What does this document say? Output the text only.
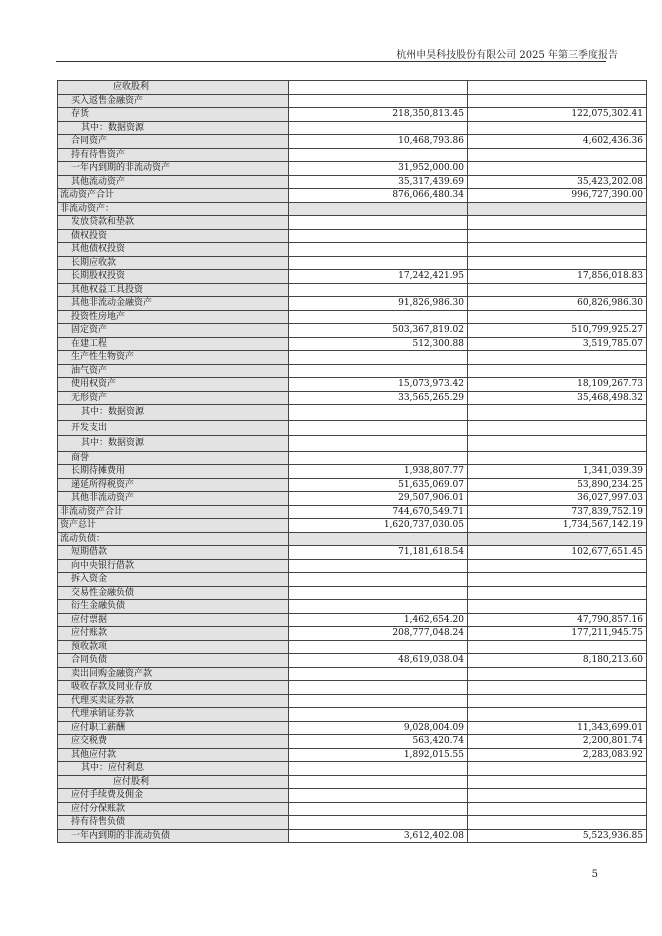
杭州申昊科技股份有限公司 2025 年第三季度报告
应收股利		
买入返售金融资产		
存货	218,350,813.45	122,075,302.41
其中：数据资源		
合同资产	10,468,793.86	4,602,436.36
持有待售资产		
一年内到期的非流动资产	31,952,000.00	
其他流动资产	35,317,439.69	35,423,202.08
流动资产合计	876,066,480.34	996,727,390.00
非流动资产：		
发放贷款和垫款		
债权投资		
其他债权投资		
长期应收款		
长期股权投资	17,242,421.95	17,856,018.83
其他权益工具投资		
其他非流动金融资产	91,826,986.30	60,826,986.30
投资性房地产		
固定资产	503,367,819.02	510,799,925.27
在建工程	512,300.88	3,519,785.07
生产性生物资产		
油气资产		
使用权资产	15,073,973.42	18,109,267.73
无形资产	33,565,265.29	35,468,498.32
其中：数据资源		
开发支出		
其中：数据资源		
商誉		
长期待摊费用	1,938,807.77	1,341,039.39
递延所得税资产	51,635,069.07	53,890,234.25
其他非流动资产	29,507,906.01	36,027,997.03
非流动资产合计	744,670,549.71	737,839,752.19
资产总计	1,620,737,030.05	1,734,567,142.19
流动负债：		
短期借款	71,181,618.54	102,677,651.45
向中央银行借款		
拆入资金		
交易性金融负债		
衍生金融负债		
应付票据	1,462,654.20	47,790,857.16
应付账款	208,777,048.24	177,211,945.75
预收款项		
合同负债	48,619,038.04	8,180,213.60
卖出回购金融资产款		
吸收存款及同业存放		
代理买卖证券款		
代理承销证券款		
应付职工薪酬	9,028,004.09	11,343,699.01
应交税费	563,420.74	2,200,801.74
其他应付款	1,892,015.55	2,283,083.92
其中：应付利息		
应付股利		
应付手续费及佣金		
应付分保账款		
持有待售负债		
一年内到期的非流动负债	3,612,402.08	5,523,936.85
5
